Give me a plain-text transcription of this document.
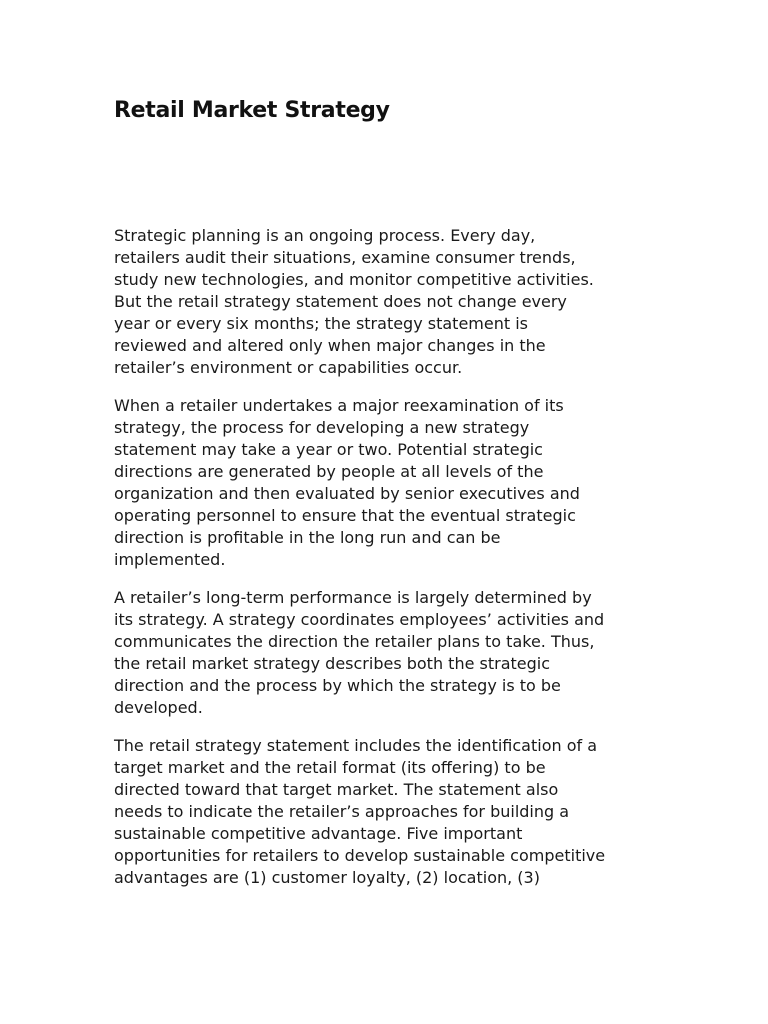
Retail Market Strategy

Strategic planning is an ongoing process. Every day,
retailers audit their situations, examine consumer trends,
study new technologies, and monitor competitive activities.
But the retail strategy statement does not change every
year or every six months; the strategy statement is
reviewed and altered only when major changes in the
retailer’s environment or capabilities occur.

When a retailer undertakes a major reexamination of its
strategy, the process for developing a new strategy
statement may take a year or two. Potential strategic
directions are generated by people at all levels of the
organization and then evaluated by senior executives and
operating personnel to ensure that the eventual strategic
direction is profitable in the long run and can be
implemented.

A retailer’s long-term performance is largely determined by
its strategy. A strategy coordinates employees’ activities and
communicates the direction the retailer plans to take. Thus,
the retail market strategy describes both the strategic
direction and the process by which the strategy is to be
developed.

The retail strategy statement includes the identification of a
target market and the retail format (its offering) to be
directed toward that target market. The statement also
needs to indicate the retailer’s approaches for building a
sustainable competitive advantage. Five important
opportunities for retailers to develop sustainable competitive
advantages are (1) customer loyalty, (2) location, (3)
